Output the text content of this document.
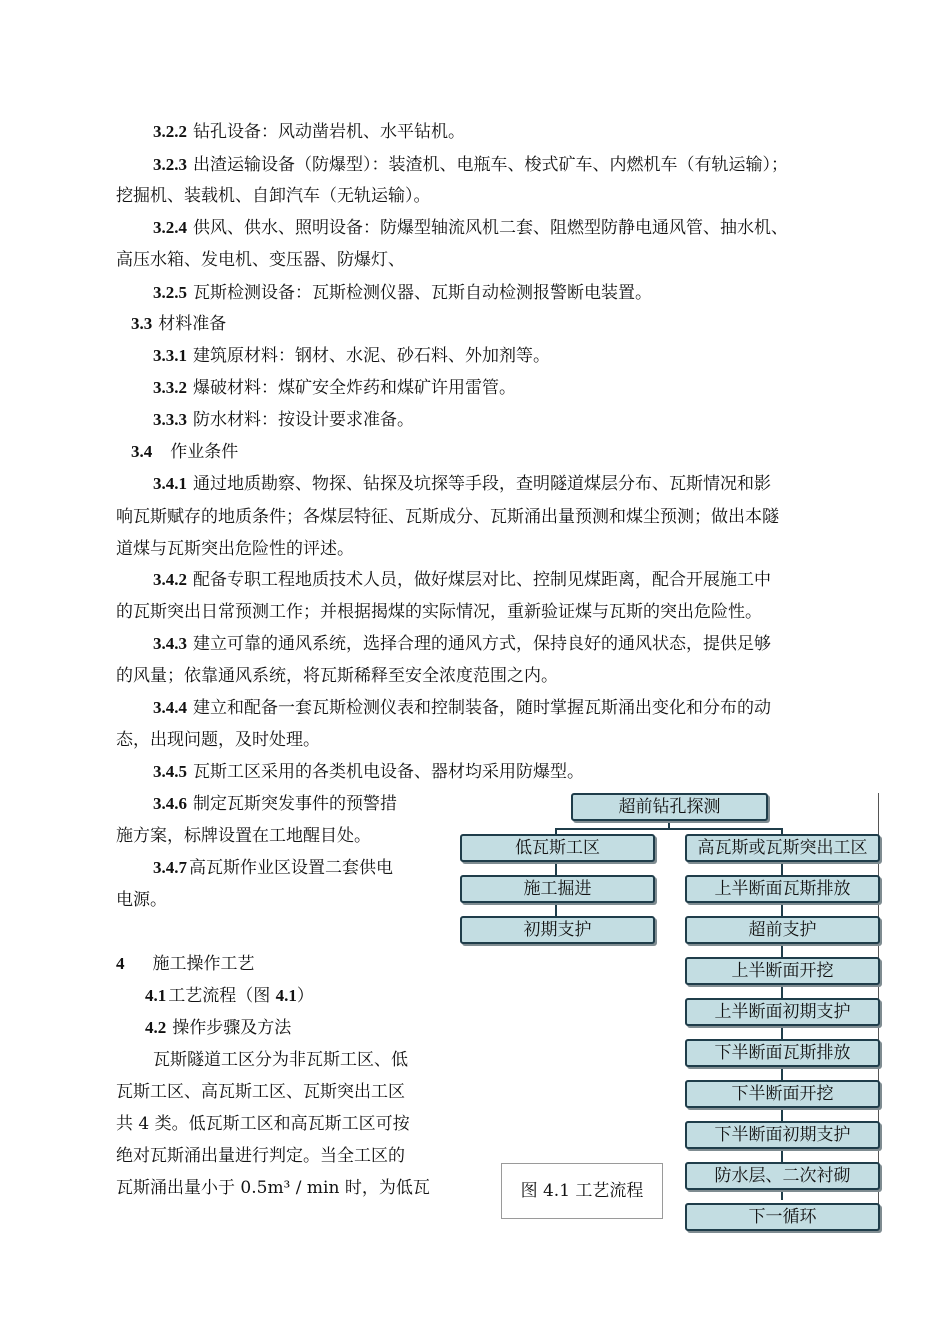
3.2.2 钻孔设备：风动凿岩机、水平钻机。
3.2.3 出渣运输设备（防爆型）：装渣机、电瓶车、梭式矿车、内燃机车（有轨运输）；
挖掘机、装载机、自卸汽车（无轨运输）。
3.2.4 供风、供水、照明设备：防爆型轴流风机二套、阻燃型防静电通风管、抽水机、
高压水箱、发电机、变压器、防爆灯、
3.2.5 瓦斯检测设备：瓦斯检测仪器、瓦斯自动检测报警断电装置。
3.3 材料准备
3.3.1 建筑原材料：钢材、水泥、砂石料、外加剂等。
3.3.2 爆破材料：煤矿安全炸药和煤矿许用雷管。
3.3.3 防水材料：按设计要求准备。
3.4 作业条件
3.4.1 通过地质勘察、物探、钻探及坑探等手段，查明隧道煤层分布、瓦斯情况和影
响瓦斯赋存的地质条件；各煤层特征、瓦斯成分、瓦斯涌出量预测和煤尘预测；做出本隧
道煤与瓦斯突出危险性的评述。
3.4.2 配备专职工程地质技术人员，做好煤层对比、控制见煤距离，配合开展施工中
的瓦斯突出日常预测工作；并根据揭煤的实际情况，重新验证煤与瓦斯的突出危险性。
3.4.3 建立可靠的通风系统，选择合理的通风方式，保持良好的通风状态，提供足够
的风量；依靠通风系统，将瓦斯稀释至安全浓度范围之内。
3.4.4 建立和配备一套瓦斯检测仪表和控制装备，随时掌握瓦斯涌出变化和分布的动
态，出现问题，及时处理。
3.4.5 瓦斯工区采用的各类机电设备、器材均采用防爆型。
3.4.6 制定瓦斯突发事件的预警措
施方案，标牌设置在工地醒目处。
3.4.7 高瓦斯作业区设置二套供电
电源。
4 施工操作工艺
4.1 工艺流程（图 4.1）
4.2 操作步骤及方法
瓦斯隧道工区分为非瓦斯工区、低
瓦斯工区、高瓦斯工区、瓦斯突出工区
共 4 类。低瓦斯工区和高瓦斯工区可按
绝对瓦斯涌出量进行判定。当全工区的
瓦斯涌出量小于 0.5m³ / min 时，为低瓦
超前钻孔探测
低瓦斯工区
施工掘进
初期支护
高瓦斯或瓦斯突出工区
上半断面瓦斯排放
超前支护
上半断面开挖
上半断面初期支护
下半断面瓦斯排放
下半断面开挖
下半断面初期支护
防水层、二次衬砌
下一循环
图 4.1 工艺流程
